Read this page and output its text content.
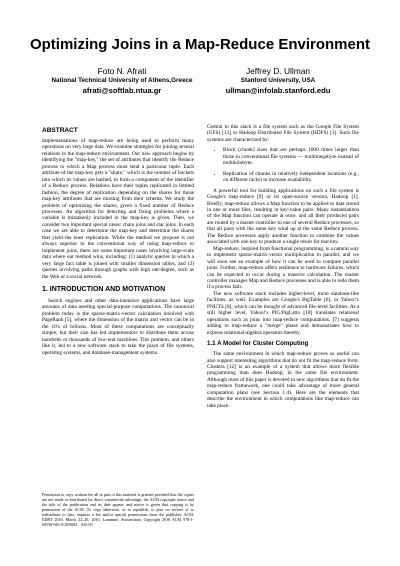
Optimizing Joins in a Map-Reduce Environment
Foto N. Afrati
National Technical University of Athens,Greece
afrati@softlab.ntua.gr
Jeffrey D. Ullman
Stanford University, USA
ullman@infolab.stanford.edu
ABSTRACT

Implementations of map-reduce are being used to perform many operations on very large data. We examine strategies for joining several relations in the map-reduce environment. Our new approach begins by identifying the "map-key," the set of attributes that identify the Reduce process to which a Map process must send a particular tuple. Each attribute of the map-key gets a "share," which is the number of buckets into which its values are hashed, to form a component of the identifier of a Reduce process. Relations have their tuples replicated in limited fashion, the degree of replication depending on the shares for those map-key attributes that are missing from their schema. We study the problem of optimizing the shares, given a fixed number of Reduce processes. An algorithm for detecting and fixing problems where a variable is mistakenly included in the map-key is given. Then, we consider two important special cases: chain joins and star joins. In each case we are able to determine the map-key and determine the shares that yield the least replication. While the method we propose is not always superior to the conventional way of using map-reduce to implement joins, there are some important cases involving large-scale data where our method wins, including: (1) analytic queries in which a very large fact table is joined with smaller dimension tables, and (2) queries involving paths through graphs with high out-degree, such as the Web or a social network.

1. INTRODUCTION AND MOTIVATION

Search engines and other data-intensive applications have large amounts of data needing special-purpose computations. The canonical problem today is the sparse-matrix-vector calculation involved with PageRank [5], where the dimension of the matrix and vector can be in the 10's of billions. Most of these computations are conceptually simple, but their size has led implementors to distribute them across hundreds or thousands of low-end machines. This problem, and others like it, led to a new software stack to take the place of file systems, operating systems, and database-management systems.

Permission to copy without fee all or part of this material is granted provided that the copies are not made or distributed for direct commercial advantage, the ACM copyright notice and the title of the publication and its date appear, and notice is given that copying is by permission of the ACM. To copy otherwise, or to republish, to post on servers or to redistribute to lists, requires a fee and/or special permissions from the publisher, ACM. EDBT 2010, March 22–26, 2010, Lausanne, Switzerland. Copyright 2010 ACM 978-1-60558-945-9/10/0003 ...$10.00

Central to this stack is a file system such as the Google File System (GFS) [13] or Hadoop Distributed File System (HDFS) [1]. Such file systems are characterized by:

• Block (chunk) sizes that are perhaps 1000 times larger than those in conventional file systems — multimegabyte instead of multikilobyte.
• Replication of chunks in relatively independent locations (e.g., on different racks) to increase availability.

A powerful tool for building applications on such a file system is Google's map-reduce [9] or its open-source version, Hadoop [1]. Briefly, map-reduce allows a Map function to be applied to data stored in one or more files, resulting in key-value pairs. Many instantiations of the Map function can operate at once, and all their produced pairs are routed by a master controller to one of several Reduce processes, so that all pairs with the same key wind up at the same Reduce process. The Reduce processes apply another function to combine the values associated with one key to produce a single result for that key.

Map-reduce, inspired from functional programming, is a natural way to implement sparse-matrix-vector multiplication in parallel, and we will soon see an example of how it can be used to compute parallel joins. Further, map-reduce offers resilience to hardware failures, which can be expected to occur during a massive calculation. The master controller manages Map and Reduce processes and is able to redo them if a process fails.

The new software stack includes higher-level, more database-like facilities, as well. Examples are Google's BigTable [6], or Yahoo!'s PNUTS [8], which can be thought of advanced file-level facilities. At a still higher level, Yahoo!'s PIG/PigLatin [18] translates relational operations such as joins into map-reduce computations. [7] suggests adding to map-reduce a "merge" phase and demonstrates how to express relational-algebra operators thereby.

1.1 A Model for Cluster Computing

The same environment in which map-reduce proves so useful can also support interesting algorithms that do not fit the map-reduce form. Clustera [12] is an example of a system that allows more flexible programming than does Hadoop, in the same file environment. Although most of this paper is devoted to new algorithms that do fit the map-reduce framework, one could take advantage of more general computation plans (see Section 1.4). Here are the elements that describe the environment in which computations like map-reduce can take place.
